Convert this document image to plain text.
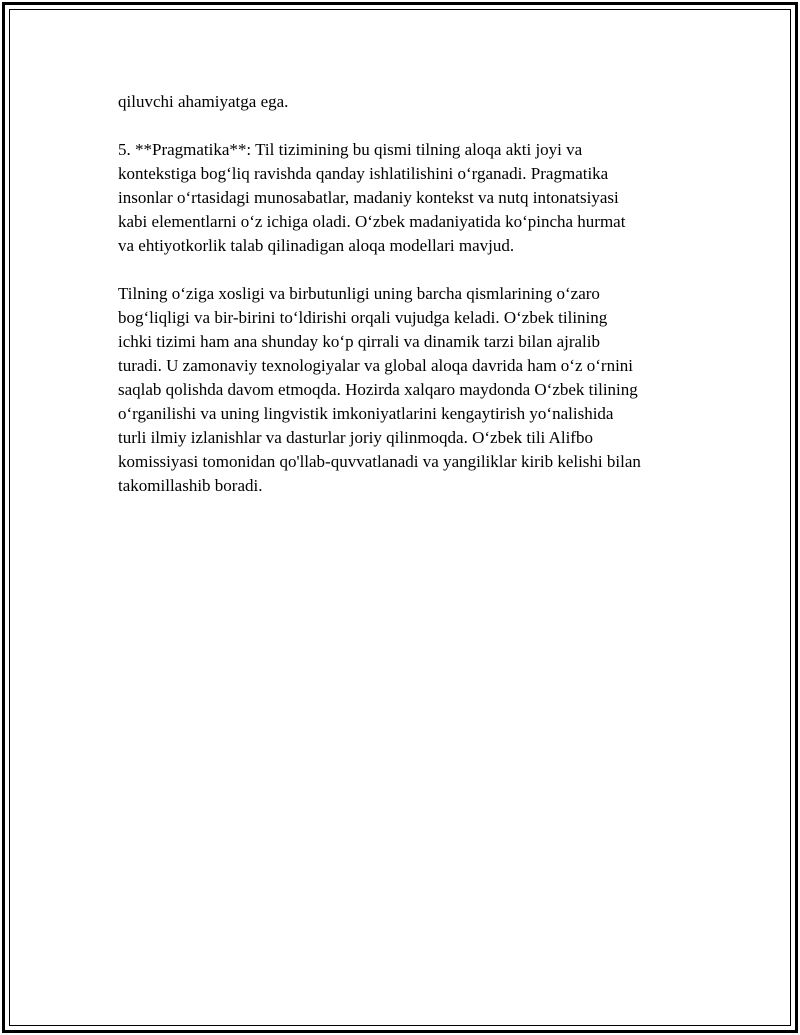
qiluvchi ahamiyatga ega.

5. **Pragmatika**: Til tizimining bu qismi tilning aloqa akti joyi va
kontekstiga bog‘liq ravishda qanday ishlatilishini o‘rganadi. Pragmatika
insonlar o‘rtasidagi munosabatlar, madaniy kontekst va nutq intonatsiyasi
kabi elementlarni o‘z ichiga oladi. O‘zbek madaniyatida ko‘pincha hurmat
va ehtiyotkorlik talab qilinadigan aloqa modellari mavjud.

Tilning o‘ziga xosligi va birbutunligi uning barcha qismlarining o‘zaro
bog‘liqligi va bir-birini to‘ldirishi orqali vujudga keladi. O‘zbek tilining
ichki tizimi ham ana shunday ko‘p qirrali va dinamik tarzi bilan ajralib
turadi. U zamonaviy texnologiyalar va global aloqa davrida ham o‘z o‘rnini
saqlab qolishda davom etmoqda. Hozirda xalqaro maydonda O‘zbek tilining
o‘rganilishi va uning lingvistik imkoniyatlarini kengaytirish yo‘nalishida
turli ilmiy izlanishlar va dasturlar joriy qilinmoqda. O‘zbek tili Alifbo
komissiyasi tomonidan qo'llab-quvvatlanadi va yangiliklar kirib kelishi bilan
takomillashib boradi.
